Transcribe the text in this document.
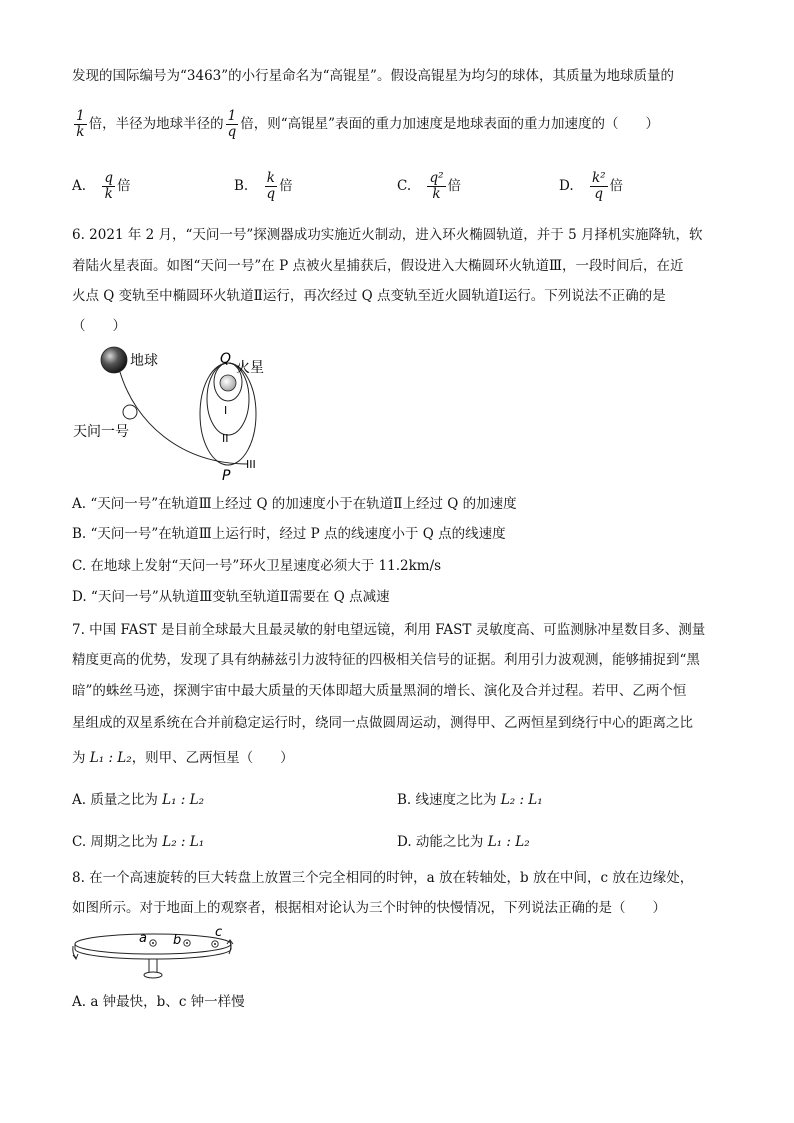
发现的国际编号为“3463”的小行星命名为“高锟星”。假设高锟星为均匀的球体，其质量为地球质量的
$\frac{1}{k}$ 倍，半径为地球半径的 $\frac{1}{q}$ 倍，则“高锟星”表面的重力加速度是地球表面的重力加速度的（　　）
A. $\frac{q}{k}$ 倍	B. $\frac{k}{q}$ 倍	C. $\frac{\text{q²}}{k}$ 倍	D. $\frac{\text{k²}}{q}$ 倍
6. 2021 年 2 月，“天问一号”探测器成功实施近火制动，进入环火椭圆轨道，并于 5 月择机实施降轨，软
着陆火星表面。如图“天问一号”在 P 点被火星捕获后，假设进入大椭圆环火轨道Ⅲ，一段时间后，在近
火点 Q 变轨至中椭圆环火轨道Ⅱ运行，再次经过 Q 点变轨至近火圆轨道Ⅰ运行。下列说法不正确的是
（　　）
地球
天问一号
Q
火星
I
II
III
P
A. “天问一号”在轨道Ⅲ上经过 Q 的加速度小于在轨道Ⅱ上经过 Q 的加速度
B. “天问一号”在轨道Ⅲ上运行时，经过 P 点的线速度小于 Q 点的线速度
C. 在地球上发射“天问一号”环火卫星速度必须大于 11.2km/s
D. “天问一号”从轨道Ⅲ变轨至轨道Ⅱ需要在 Q 点减速
7. 中国 FAST 是目前全球最大且最灵敏的射电望远镜，利用 FAST 灵敏度高、可监测脉冲星数目多、测量
精度更高的优势，发现了具有纳赫兹引力波特征的四极相关信号的证据。利用引力波观测，能够捕捉到“黑
暗”的蛛丝马迹，探测宇宙中最大质量的天体即超大质量黑洞的增长、演化及合并过程。若甲、乙两个恒
星组成的双星系统在合并前稳定运行时，绕同一点做圆周运动，测得甲、乙两恒星到绕行中心的距离之比
为 L₁ : L₂，则甲、乙两恒星（　　）
A. 质量之比为 L₁ : L₂	B. 线速度之比为 L₂ : L₁
C. 周期之比为 L₂ : L₁	D. 动能之比为 L₁ : L₂
8. 在一个高速旋转的巨大转盘上放置三个完全相同的时钟，a 放在转轴处，b 放在中间，c 放在边缘处，
如图所示。对于地面上的观察者，根据相对论认为三个时钟的快慢情况，下列说法正确的是（　　）
a b
c
A. a 钟最快，b、c 钟一样慢
